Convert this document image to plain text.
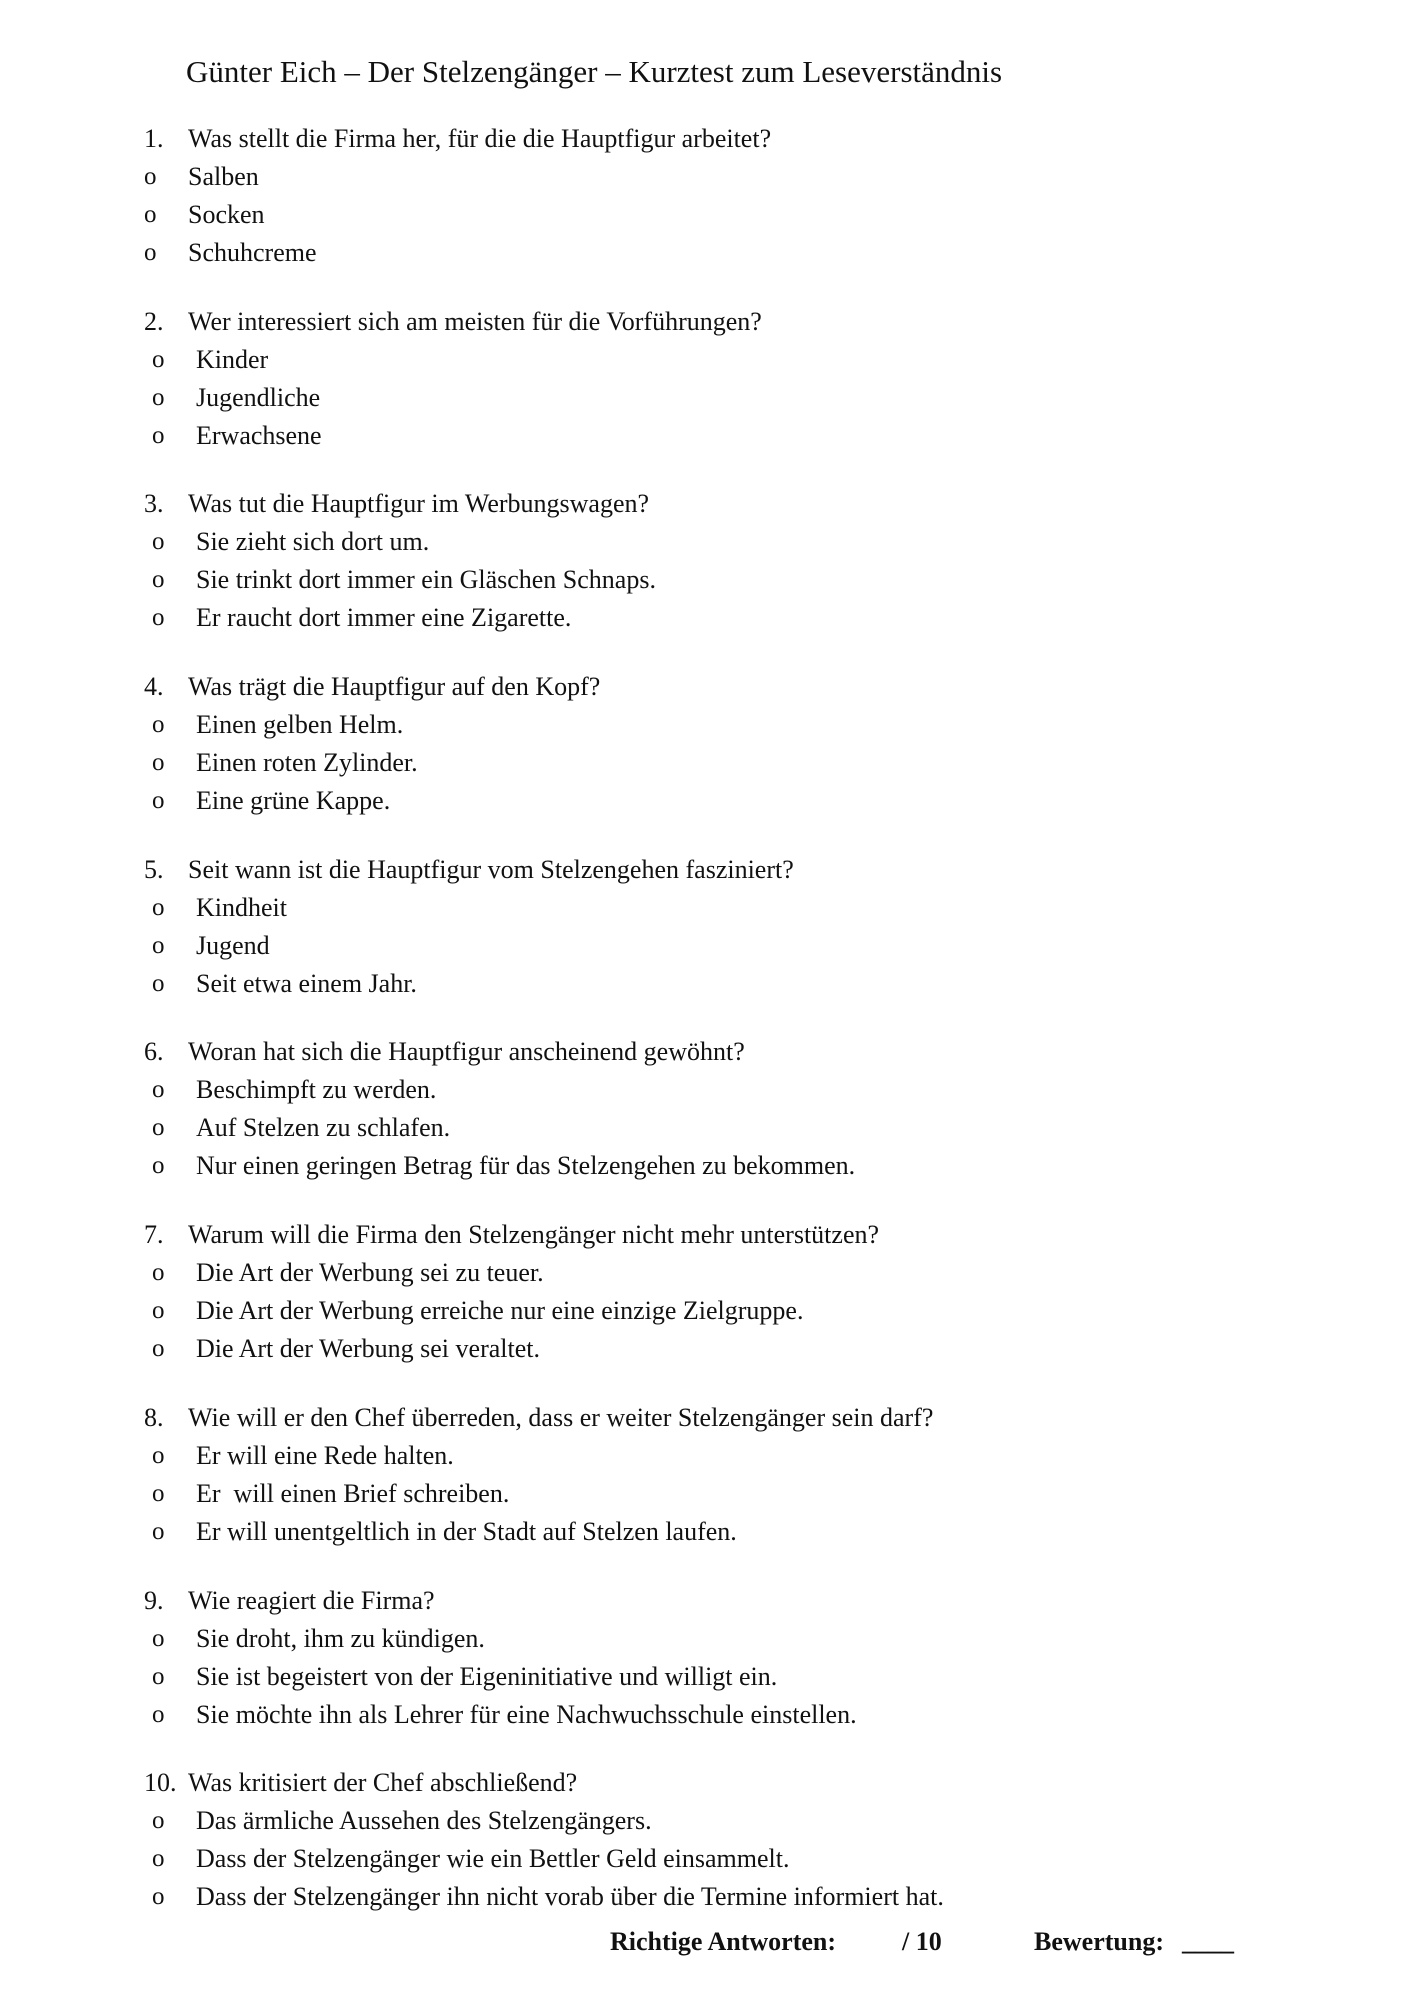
Günter Eich – Der Stelzengänger – Kurztest zum Leseverständnis
1. Was stellt die Firma her, für die die Hauptfigur arbeitet?
o Salben
o Socken
o Schuhcreme
2. Wer interessiert sich am meisten für die Vorführungen?
o Kinder
o Jugendliche
o Erwachsene
3. Was tut die Hauptfigur im Werbungswagen?
o Sie zieht sich dort um.
o Sie trinkt dort immer ein Gläschen Schnaps.
o Er raucht dort immer eine Zigarette.
4. Was trägt die Hauptfigur auf den Kopf?
o Einen gelben Helm.
o Einen roten Zylinder.
o Eine grüne Kappe.
5. Seit wann ist die Hauptfigur vom Stelzengehen fasziniert?
o Kindheit
o Jugend
o Seit etwa einem Jahr.
6. Woran hat sich die Hauptfigur anscheinend gewöhnt?
o Beschimpft zu werden.
o Auf Stelzen zu schlafen.
o Nur einen geringen Betrag für das Stelzengehen zu bekommen.
7. Warum will die Firma den Stelzengänger nicht mehr unterstützen?
o Die Art der Werbung sei zu teuer.
o Die Art der Werbung erreiche nur eine einzige Zielgruppe.
o Die Art der Werbung sei veraltet.
8. Wie will er den Chef überreden, dass er weiter Stelzengänger sein darf?
o Er will eine Rede halten.
o Er  will einen Brief schreiben.
o Er will unentgeltlich in der Stadt auf Stelzen laufen.
9. Wie reagiert die Firma?
o Sie droht, ihm zu kündigen.
o Sie ist begeistert von der Eigeninitiative und willigt ein.
o Sie möchte ihn als Lehrer für eine Nachwuchsschule einstellen.
10. Was kritisiert der Chef abschließend?
o Das ärmliche Aussehen des Stelzengängers.
o Dass der Stelzengänger wie ein Bettler Geld einsammelt.
o Dass der Stelzengänger ihn nicht vorab über die Termine informiert hat.
Richtige Antworten:	/ 10	Bewertung: ____
